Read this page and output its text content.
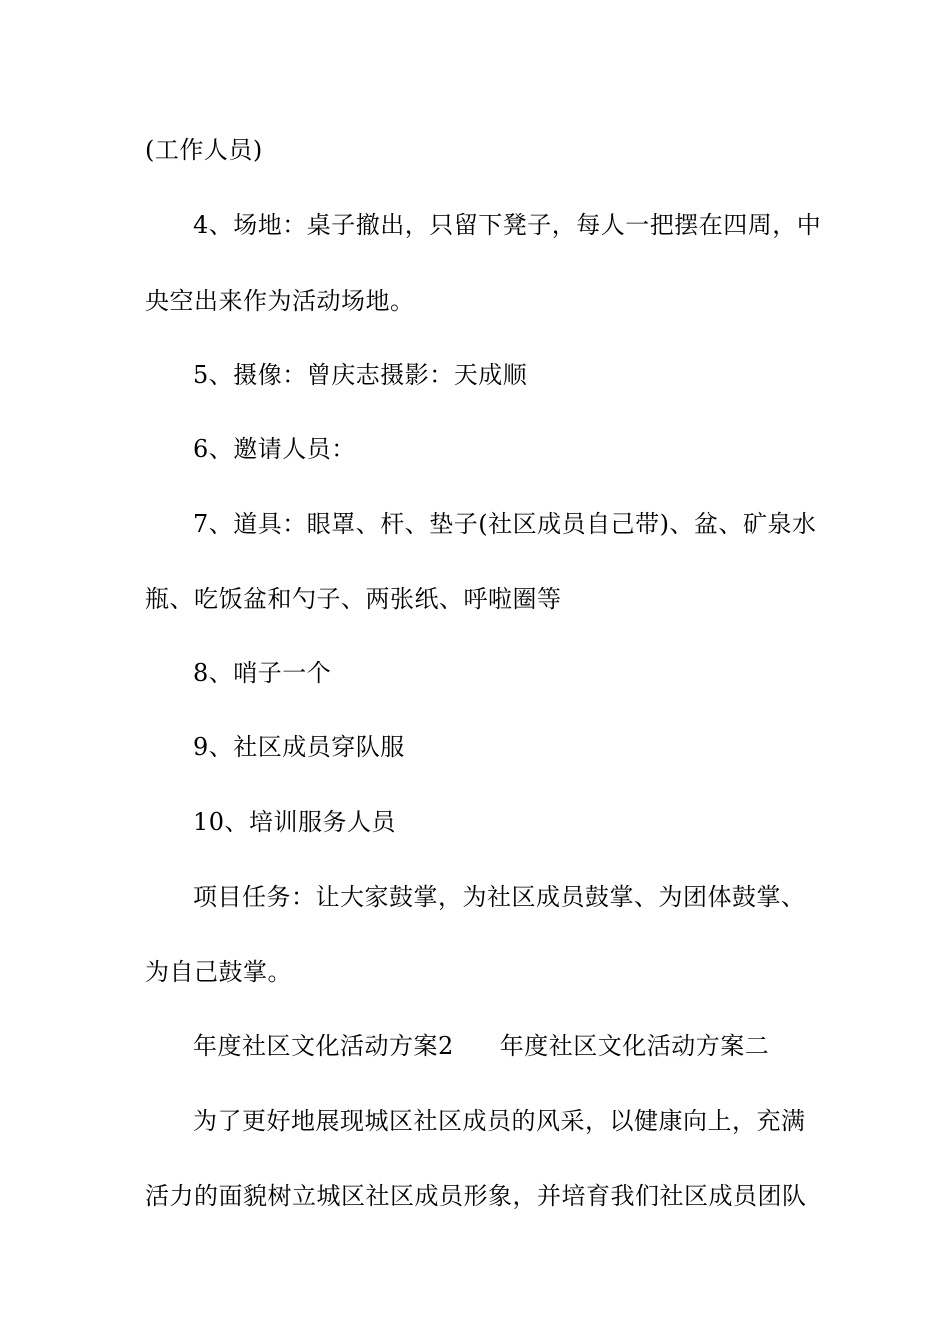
(工作人员)

4、场地：桌子撤出，只留下凳子，每人一把摆在四周，中

央空出来作为活动场地。

5、摄像：曾庆志摄影：天成顺

6、邀请人员：

7、道具：眼罩、杆、垫子(社区成员自己带)、盆、矿泉水

瓶、吃饭盆和勺子、两张纸、呼啦圈等

8、哨子一个

9、社区成员穿队服

10、培训服务人员

项目任务：让大家鼓掌，为社区成员鼓掌、为团体鼓掌、

为自己鼓掌。

年度社区文化活动方案2 年度社区文化活动方案二

为了更好地展现城区社区成员的风采，以健康向上，充满

活力的面貌树立城区社区成员形象，并培育我们社区成员团队
